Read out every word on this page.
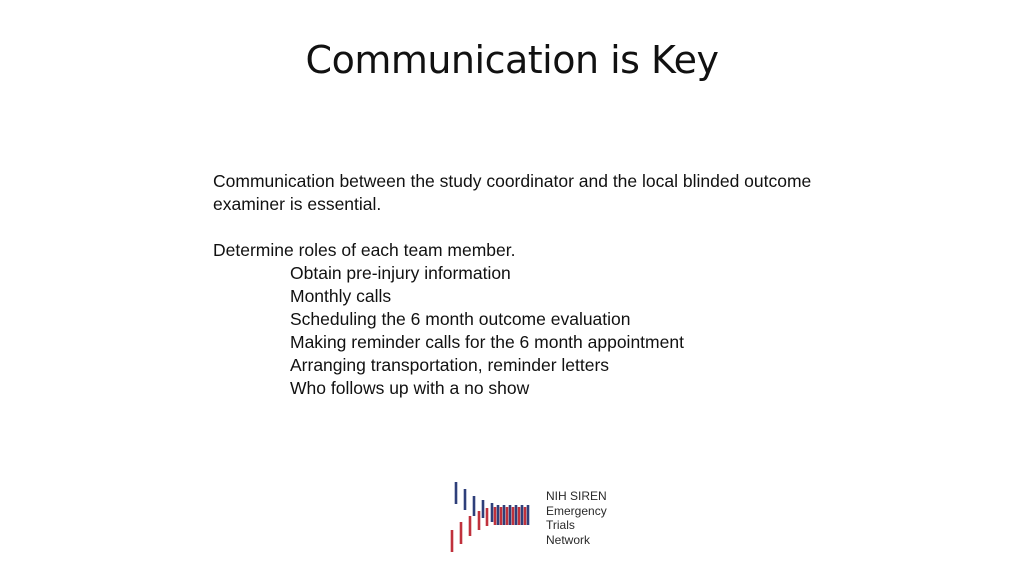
Communication is Key

Communication between the study coordinator and the local blinded outcome examiner is essential.

Determine roles of each team member.

Obtain pre-injury information
Monthly calls
Scheduling the 6 month outcome evaluation
Making reminder calls for the 6 month appointment
Arranging transportation, reminder letters
Who follows up with a no show
NIH SIREN
Emergency
Trials
Network
